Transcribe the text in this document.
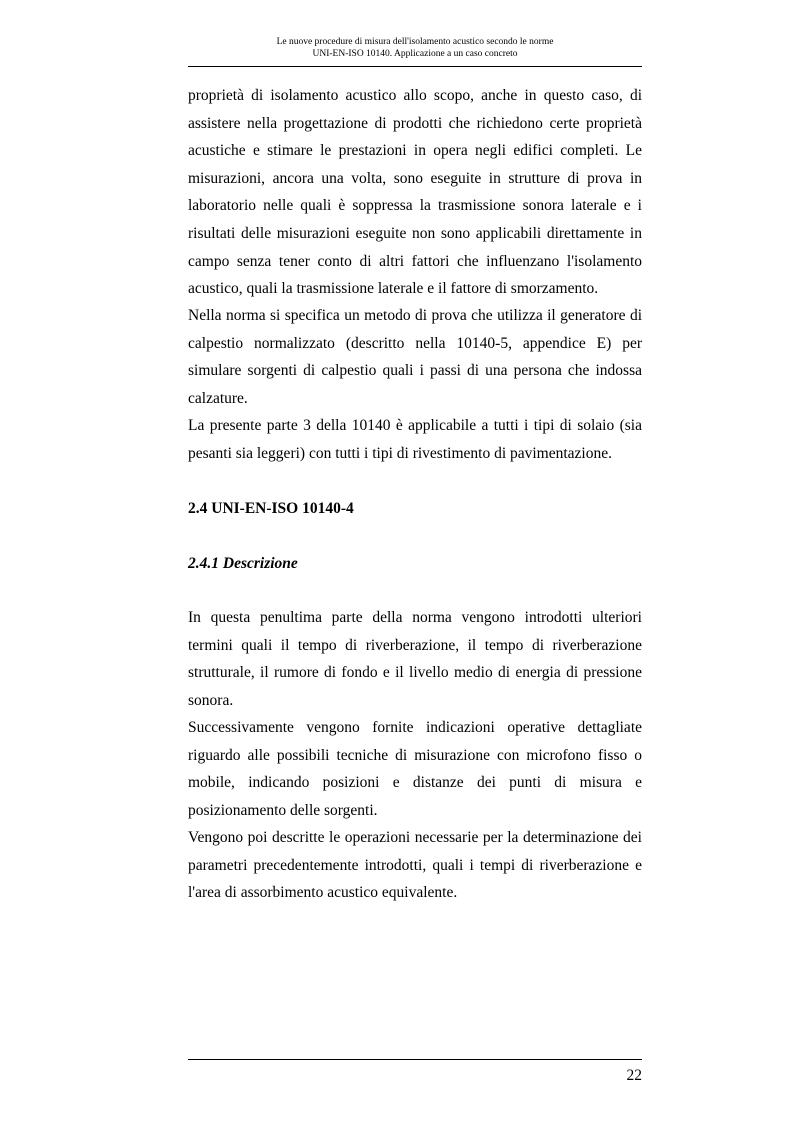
Le nuove procedure di misura dell'isolamento acustico secondo le norme
UNI-EN-ISO 10140. Applicazione a un caso concreto

proprietà di isolamento acustico allo scopo, anche in questo caso, di assistere nella progettazione di prodotti che richiedono certe proprietà acustiche e stimare le prestazioni in opera negli edifici completi. Le misurazioni, ancora una volta, sono eseguite in strutture di prova in laboratorio nelle quali è soppressa la trasmissione sonora laterale e i risultati delle misurazioni eseguite non sono applicabili direttamente in campo senza tener conto di altri fattori che influenzano l'isolamento acustico, quali la trasmissione laterale e il fattore di smorzamento.

Nella norma si specifica un metodo di prova che utilizza il generatore di calpestio normalizzato (descritto nella 10140-5, appendice E) per simulare sorgenti di calpestio quali i passi di una persona che indossa calzature.

La presente parte 3 della 10140 è applicabile a tutti i tipi di solaio (sia pesanti sia leggeri) con tutti i tipi di rivestimento di pavimentazione.

2.4 UNI-EN-ISO 10140-4
2.4.1 Descrizione

In questa penultima parte della norma vengono introdotti ulteriori termini quali il tempo di riverberazione, il tempo di riverberazione strutturale, il rumore di fondo e il livello medio di energia di pressione sonora.

Successivamente vengono fornite indicazioni operative dettagliate riguardo alle possibili tecniche di misurazione con microfono fisso o mobile, indicando posizioni e distanze dei punti di misura e posizionamento delle sorgenti.

Vengono poi descritte le operazioni necessarie per la determinazione dei parametri precedentemente introdotti, quali i tempi di riverberazione e l'area di assorbimento acustico equivalente.

22
